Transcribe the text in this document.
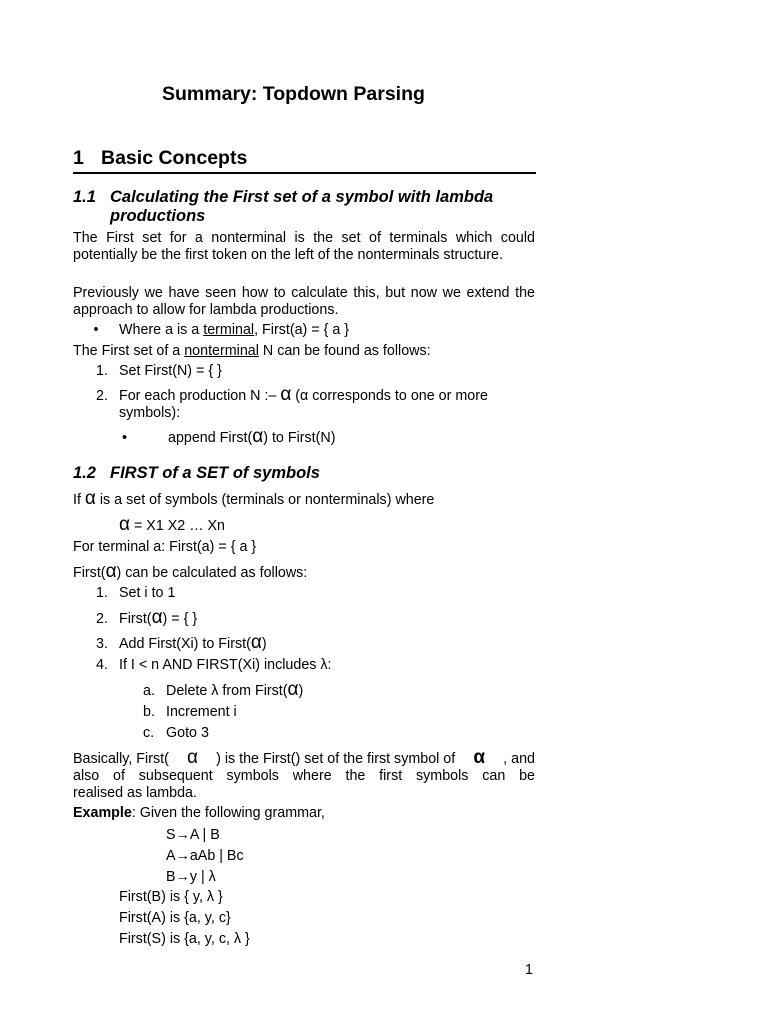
Summary: Topdown Parsing
1 Basic Concepts
1.1 Calculating the First set of a symbol with lambda
productions
The First set for a nonterminal is the set of terminals which could potentially be the first token on the left of the nonterminals structure.
Previously we have seen how to calculate this, but now we extend the approach to allow for lambda productions.
• Where a is a terminal, First(a) = { a }
The First set of a nonterminal N can be found as follows:
1. Set First(N) = { }
2. For each production N :– α (α corresponds to one or more
symbols):
•	append First(α) to First(N)
1.2 FIRST of a SET of symbols
If α is a set of symbols (terminals or nonterminals) where
α = X1 X2 … Xn
For terminal a: First(a) = { a }
First(α) can be calculated as follows:
1. Set i to 1
2. First(α) = { }
3. Add First(Xi) to First(α)
4. If I < n AND FIRST(Xi) includes λ:
a. Delete λ from First(α)
b. Increment i
c. Goto 3
Basically, First( α ) is the First() set of the first symbol of α , and
also of subsequent symbols where the first symbols can be
realised as lambda.
Example: Given the following grammar,
S→A | B
A→aAb | Bc
B→y | λ
First(B) is { y, λ }
First(A) is {a, y, c}
First(S) is {a, y, c, λ }
1
